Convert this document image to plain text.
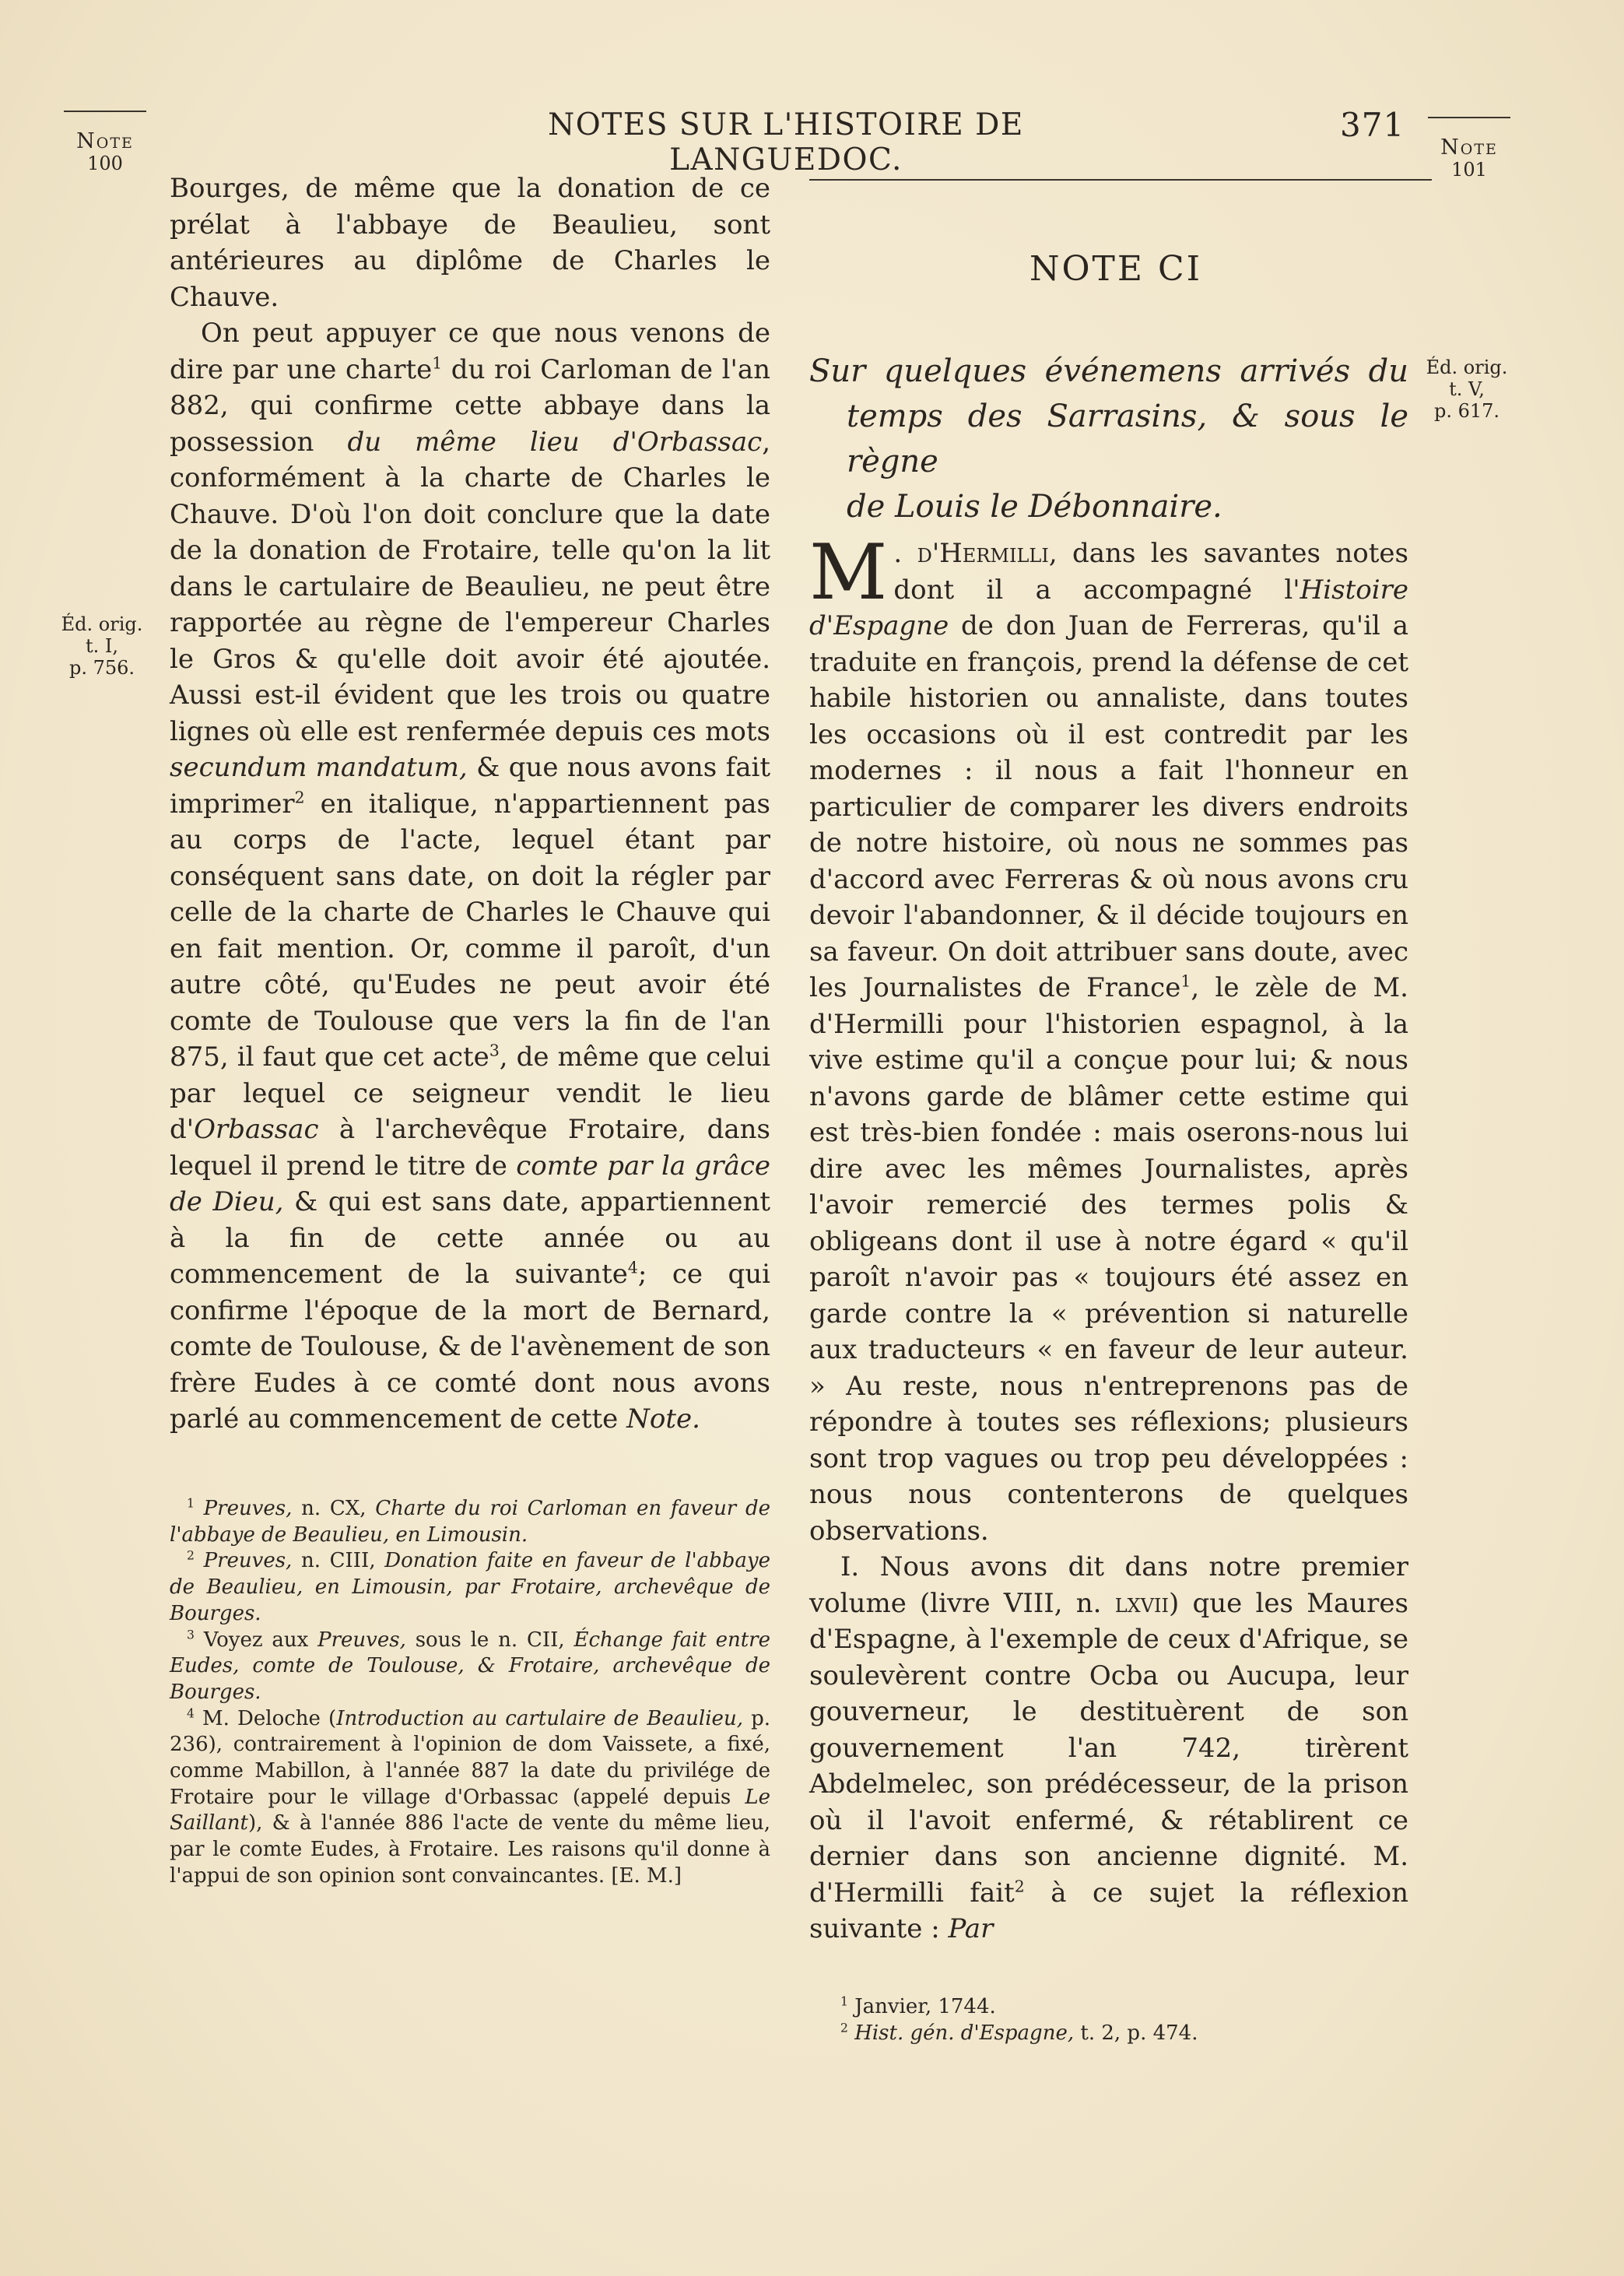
NOTES SUR L'HISTOIRE DE LANGUEDOC.
371
Note
100
Éd. orig.
t. I,
p. 756.
Note
101
Éd. orig.
t. V,
p. 617.

Bourges, de même que la donation de ce prélat à l'abbaye de Beaulieu, sont antérieures au diplôme de Charles le Chauve.

On peut appuyer ce que nous venons de dire par une charte$^1$ du roi Carloman de l'an 882, qui confirme cette abbaye dans la possession du même lieu d'Orbassac, conformément à la charte de Charles le Chauve. D'où l'on doit conclure que la date de la donation de Frotaire, telle qu'on la lit dans le cartulaire de Beaulieu, ne peut être rapportée au règne de l'empereur Charles le Gros & qu'elle doit avoir été ajoutée. Aussi est-il évident que les trois ou quatre lignes où elle est renfermée depuis ces mots secundum mandatum, & que nous avons fait imprimer$^2$ en italique, n'appartiennent pas au corps de l'acte, lequel étant par conséquent sans date, on doit la régler par celle de la charte de Charles le Chauve qui en fait mention. Or, comme il paroît, d'un autre côté, qu'Eudes ne peut avoir été comte de Toulouse que vers la fin de l'an 875, il faut que cet acte$^3$, de même que celui par lequel ce seigneur vendit le lieu d'Orbassac à l'archevêque Frotaire, dans lequel il prend le titre de comte par la grâce de Dieu, & qui est sans date, appartiennent à la fin de cette année ou au commencement de la suivante$^4$; ce qui confirme l'époque de la mort de Bernard, comte de Toulouse, & de l'avènement de son frère Eudes à ce comté dont nous avons parlé au commencement de cette Note.

$^1$ Preuves, n. CX, Charte du roi Carloman en faveur de l'abbaye de Beaulieu, en Limousin.

$^2$ Preuves, n. CIII, Donation faite en faveur de l'abbaye de Beaulieu, en Limousin, par Frotaire, archevêque de Bourges.

$^3$ Voyez aux Preuves, sous le n. CII, Échange fait entre Eudes, comte de Toulouse, & Frotaire, archevêque de Bourges.

$^4$ M. Deloche (Introduction au cartulaire de Beaulieu, p. 236), contrairement à l'opinion de dom Vaissete, a fixé, comme Mabillon, à l'année 887 la date du privilége de Frotaire pour le village d'Orbassac (appelé depuis Le Saillant), & à l'année 886 l'acte de vente du même lieu, par le comte Eudes, à Frotaire. Les raisons qu'il donne à l'appui de son opinion sont convaincantes. [E. M.]

NOTE CI
Sur quelques événemens arrivés du
temps des Sarrasins, & sous le règne
de Louis le Débonnaire.

M . d'Hermilli, dans les savantes notes dont il a accompagné l'Histoire d'Espagne de don Juan de Ferreras, qu'il a traduite en françois, prend la défense de cet habile historien ou annaliste, dans toutes les occasions où il est contredit par les modernes : il nous a fait l'honneur en particulier de comparer les divers endroits de notre histoire, où nous ne sommes pas d'accord avec Ferreras & où nous avons cru devoir l'abandonner, & il décide toujours en sa faveur. On doit attribuer sans doute, avec les Journalistes de France$^1$, le zèle de M. d'Hermilli pour l'historien espagnol, à la vive estime qu'il a conçue pour lui; & nous n'avons garde de blâmer cette estime qui est très-bien fondée : mais oserons-nous lui dire avec les mêmes Journalistes, après l'avoir remercié des termes polis & obligeans dont il use à notre égard « qu'il paroît n'avoir pas « toujours été assez en garde contre la « prévention si naturelle aux traducteurs « en faveur de leur auteur. » Au reste, nous n'entreprenons pas de répondre à toutes ses réflexions; plusieurs sont trop vagues ou trop peu développées : nous nous contenterons de quelques observations.

I. Nous avons dit dans notre premier volume (livre VIII, n. lxvii) que les Maures d'Espagne, à l'exemple de ceux d'Afrique, se soulevèrent contre Ocba ou Aucupa, leur gouverneur, le destituèrent de son gouvernement l'an 742, tirèrent Abdelmelec, son prédécesseur, de la prison où il l'avoit enfermé, & rétablirent ce dernier dans son ancienne dignité. M. d'Hermilli fait$^2$ à ce sujet la réflexion suivante : Par

$^1$ Janvier, 1744.

$^2$ Hist. gén. d'Espagne, t. 2, p. 474.
